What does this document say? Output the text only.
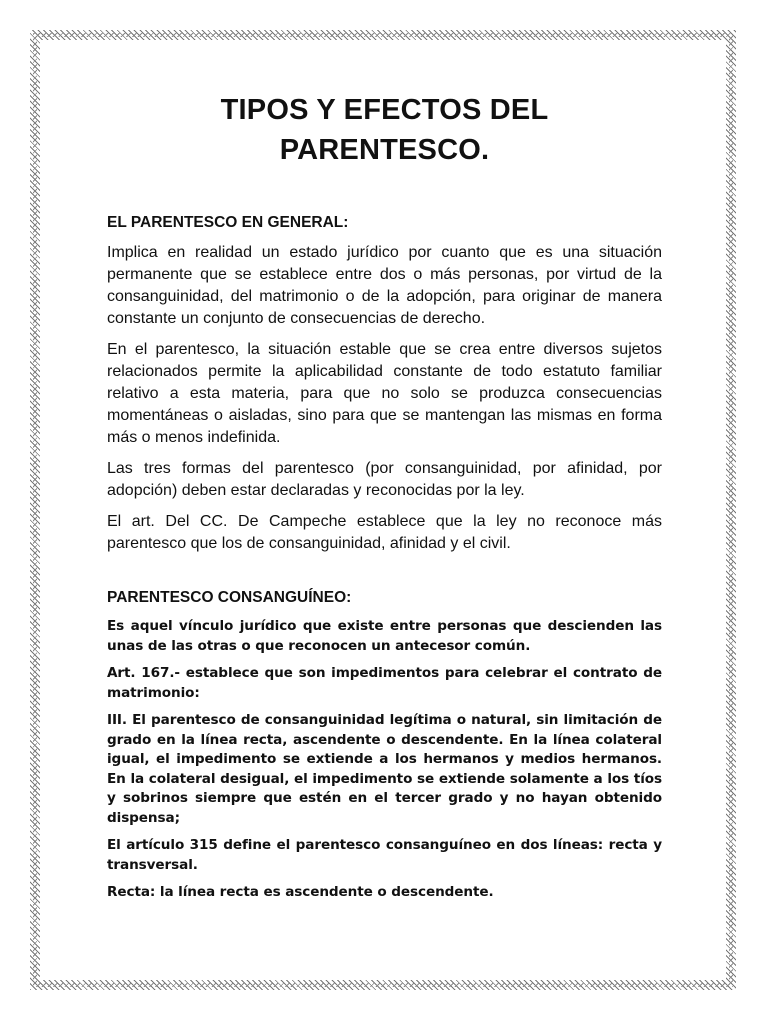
TIPOS Y EFECTOS DEL
PARENTESCO.
EL PARENTESCO EN GENERAL:

Implica en realidad un estado jurídico por cuanto que es una situación permanente que se establece entre dos o más personas, por virtud de la consanguinidad, del matrimonio o de la adopción, para originar de manera constante un conjunto de consecuencias de derecho.

En el parentesco, la situación estable que se crea entre diversos sujetos relacionados permite la aplicabilidad constante de todo estatuto familiar relativo a esta materia, para que no solo se produzca consecuencias momentáneas o aisladas, sino para que se mantengan las mismas en forma más o menos indefinida.

Las tres formas del parentesco (por consanguinidad, por afinidad, por adopción) deben estar declaradas y reconocidas por la ley.

El art. Del CC. De Campeche establece que la ley no reconoce más parentesco que los de consanguinidad, afinidad y el civil.

PARENTESCO CONSANGUÍNEO:

Es aquel vínculo jurídico que existe entre personas que descienden las unas de las otras o que reconocen un antecesor común.

Art. 167.- establece que son impedimentos para celebrar el contrato de matrimonio:

III. El parentesco de consanguinidad legítima o natural, sin limitación de grado en la línea recta, ascendente o descendente. En la línea colateral igual, el impedimento se extiende a los hermanos y medios hermanos. En la colateral desigual, el impedimento se extiende solamente a los tíos y sobrinos siempre que estén en el tercer grado y no hayan obtenido dispensa;

El artículo 315 define el parentesco consanguíneo en dos líneas: recta y transversal.

Recta: la línea recta es ascendente o descendente.
